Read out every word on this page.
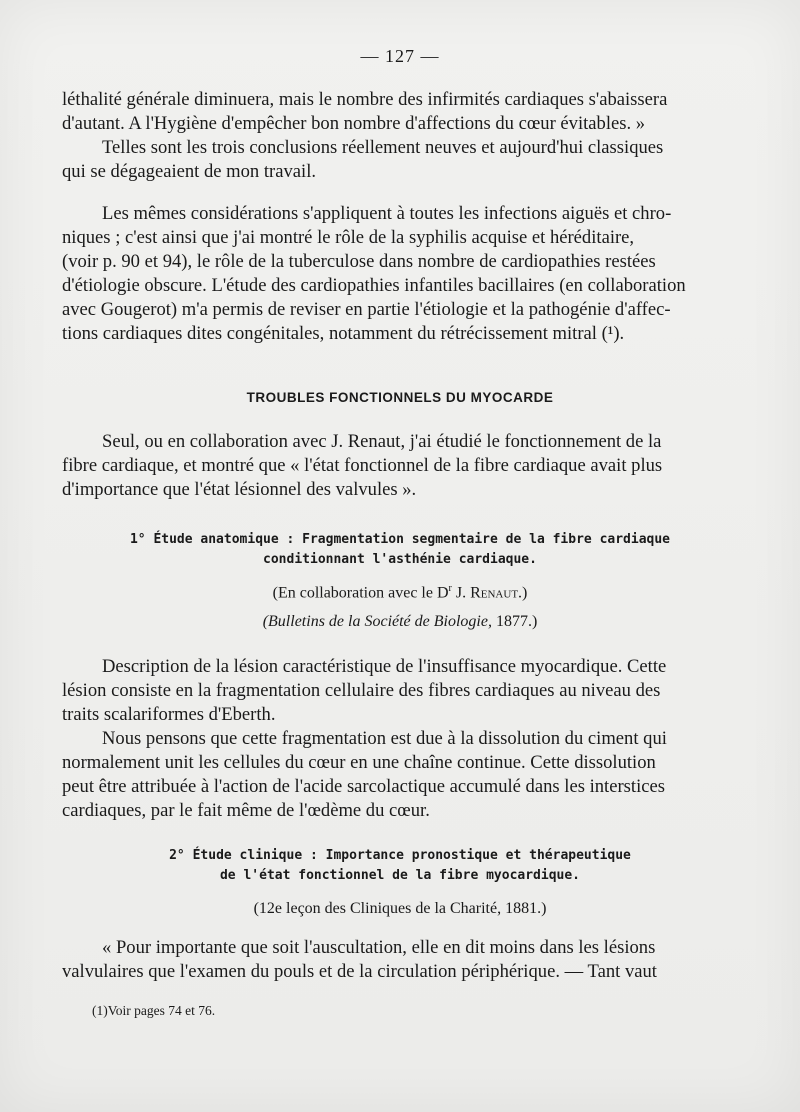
— 127 —

léthalité générale diminuera, mais le nombre des infirmités cardiaques s'abaissera

d'autant. A l'Hygiène d'empêcher bon nombre d'affections du cœur évitables. »

Telles sont les trois conclusions réellement neuves et aujourd'hui classiques

qui se dégageaient de mon travail.

Les mêmes considérations s'appliquent à toutes les infections aiguës et chro-

niques ; c'est ainsi que j'ai montré le rôle de la syphilis acquise et héréditaire,

(voir p. 90 et 94), le rôle de la tuberculose dans nombre de cardiopathies restées

d'étiologie obscure. L'étude des cardiopathies infantiles bacillaires (en collaboration

avec Gougerot) m'a permis de reviser en partie l'étiologie et la pathogénie d'affec-

tions cardiaques dites congénitales, notamment du rétrécissement mitral (¹).

TROUBLES FONCTIONNELS DU MYOCARDE

Seul, ou en collaboration avec J. Renaut, j'ai étudié le fonctionnement de la

fibre cardiaque, et montré que « l'état fonctionnel de la fibre cardiaque avait plus

d'importance que l'état lésionnel des valvules ».

1° Étude anatomique : Fragmentation segmentaire de la fibre cardiaque
conditionnant l'asthénie cardiaque.
(En collaboration avec le $D^r$ J. Renaut.)
(Bulletins de la Société de Biologie, 1877.)

Description de la lésion caractéristique de l'insuffisance myocardique. Cette

lésion consiste en la fragmentation cellulaire des fibres cardiaques au niveau des

traits scalariformes d'Eberth.

Nous pensons que cette fragmentation est due à la dissolution du ciment qui

normalement unit les cellules du cœur en une chaîne continue. Cette dissolution

peut être attribuée à l'action de l'acide sarcolactique accumulé dans les interstices

cardiaques, par le fait même de l'œdème du cœur.

2° Étude clinique : Importance pronostique et thérapeutique
de l'état fonctionnel de la fibre myocardique.
(12e leçon des Cliniques de la Charité, 1881.)

« Pour importante que soit l'auscultation, elle en dit moins dans les lésions

valvulaires que l'examen du pouls et de la circulation périphérique. — Tant vaut

(1)Voir pages 74 et 76.
